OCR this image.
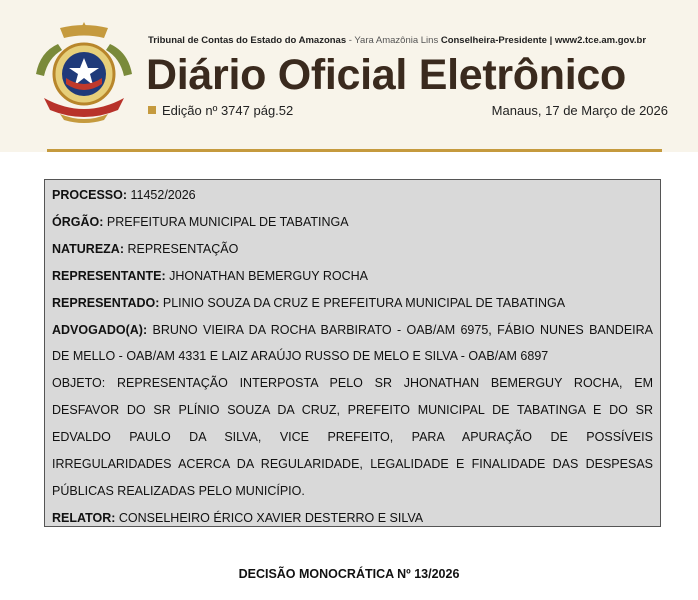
Tribunal de Contas do Estado do Amazonas - Yara Amazônia Lins Conselheira-Presidente | www2.tce.am.gov.br
Diário Oficial Eletrônico
Edição nº 3747 pág.52	Manaus, 17 de Março de 2026
PROCESSO: 11452/2026
ÓRGÃO: PREFEITURA MUNICIPAL DE TABATINGA
NATUREZA: REPRESENTAÇÃO
REPRESENTANTE: JHONATHAN BEMERGUY ROCHA
REPRESENTADO: PLINIO SOUZA DA CRUZ E PREFEITURA MUNICIPAL DE TABATINGA
ADVOGADO(A): BRUNO VIEIRA DA ROCHA BARBIRATO - OAB/AM 6975, FÁBIO NUNES BANDEIRA
DE MELLO - OAB/AM 4331 E LAIZ ARAÚJO RUSSO DE MELO E SILVA - OAB/AM 6897
OBJETO: REPRESENTAÇÃO INTERPOSTA PELO SR JHONATHAN BEMERGUY ROCHA, EM
DESFAVOR DO SR PLÍNIO SOUZA DA CRUZ, PREFEITO MUNICIPAL DE TABATINGA E DO SR
EDVALDO PAULO DA SILVA, VICE PREFEITO, PARA APURAÇÃO DE POSSÍVEIS
IRREGULARIDADES ACERCA DA REGULARIDADE, LEGALIDADE E FINALIDADE DAS DESPESAS
PÚBLICAS REALIZADAS PELO MUNICÍPIO.
RELATOR: CONSELHEIRO ÉRICO XAVIER DESTERRO E SILVA
DECISÃO MONOCRÁTICA Nº 13/2026
